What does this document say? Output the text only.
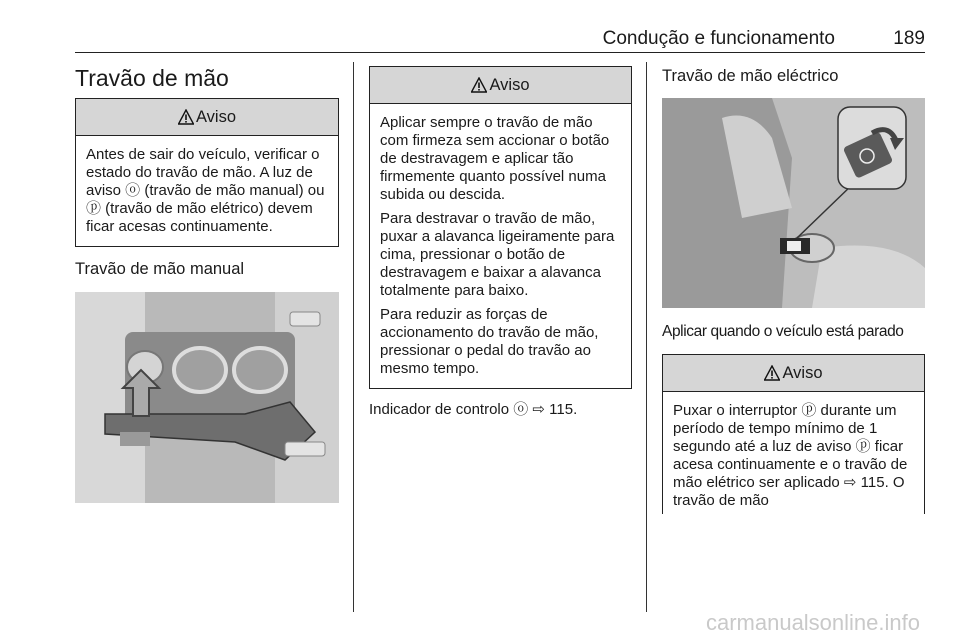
Condução e funcionamento	189
Travão de mão
Aviso

Antes de sair do veículo, verificar o estado do travão de mão. A luz de aviso ⓞ (travão de mão manual) ou ⓟ (travão de mão elétrico) devem ficar acesas continuamente.

Travão de mão manual
Aviso

Aplicar sempre o travão de mão com firmeza sem accionar o botão de destravagem e aplicar tão firmemente quanto possível numa subida ou descida.

Para destravar o travão de mão, puxar a alavanca ligeiramente para cima, pressionar o botão de destravagem e baixar a alavanca totalmente para baixo.

Para reduzir as forças de accionamento do travão de mão, pressionar o pedal do travão ao mesmo tempo.

Indicador de controlo ⓞ ⇨ 115.
Travão de mão eléctrico
Aplicar quando o veículo está parado
Aviso

Puxar o interruptor ⓟ durante um período de tempo mínimo de 1 segundo até a luz de aviso ⓟ ficar acesa continuamente e o travão de mão elétrico ser aplicado ⇨ 115. O travão de mão

carmanualsonline.info
